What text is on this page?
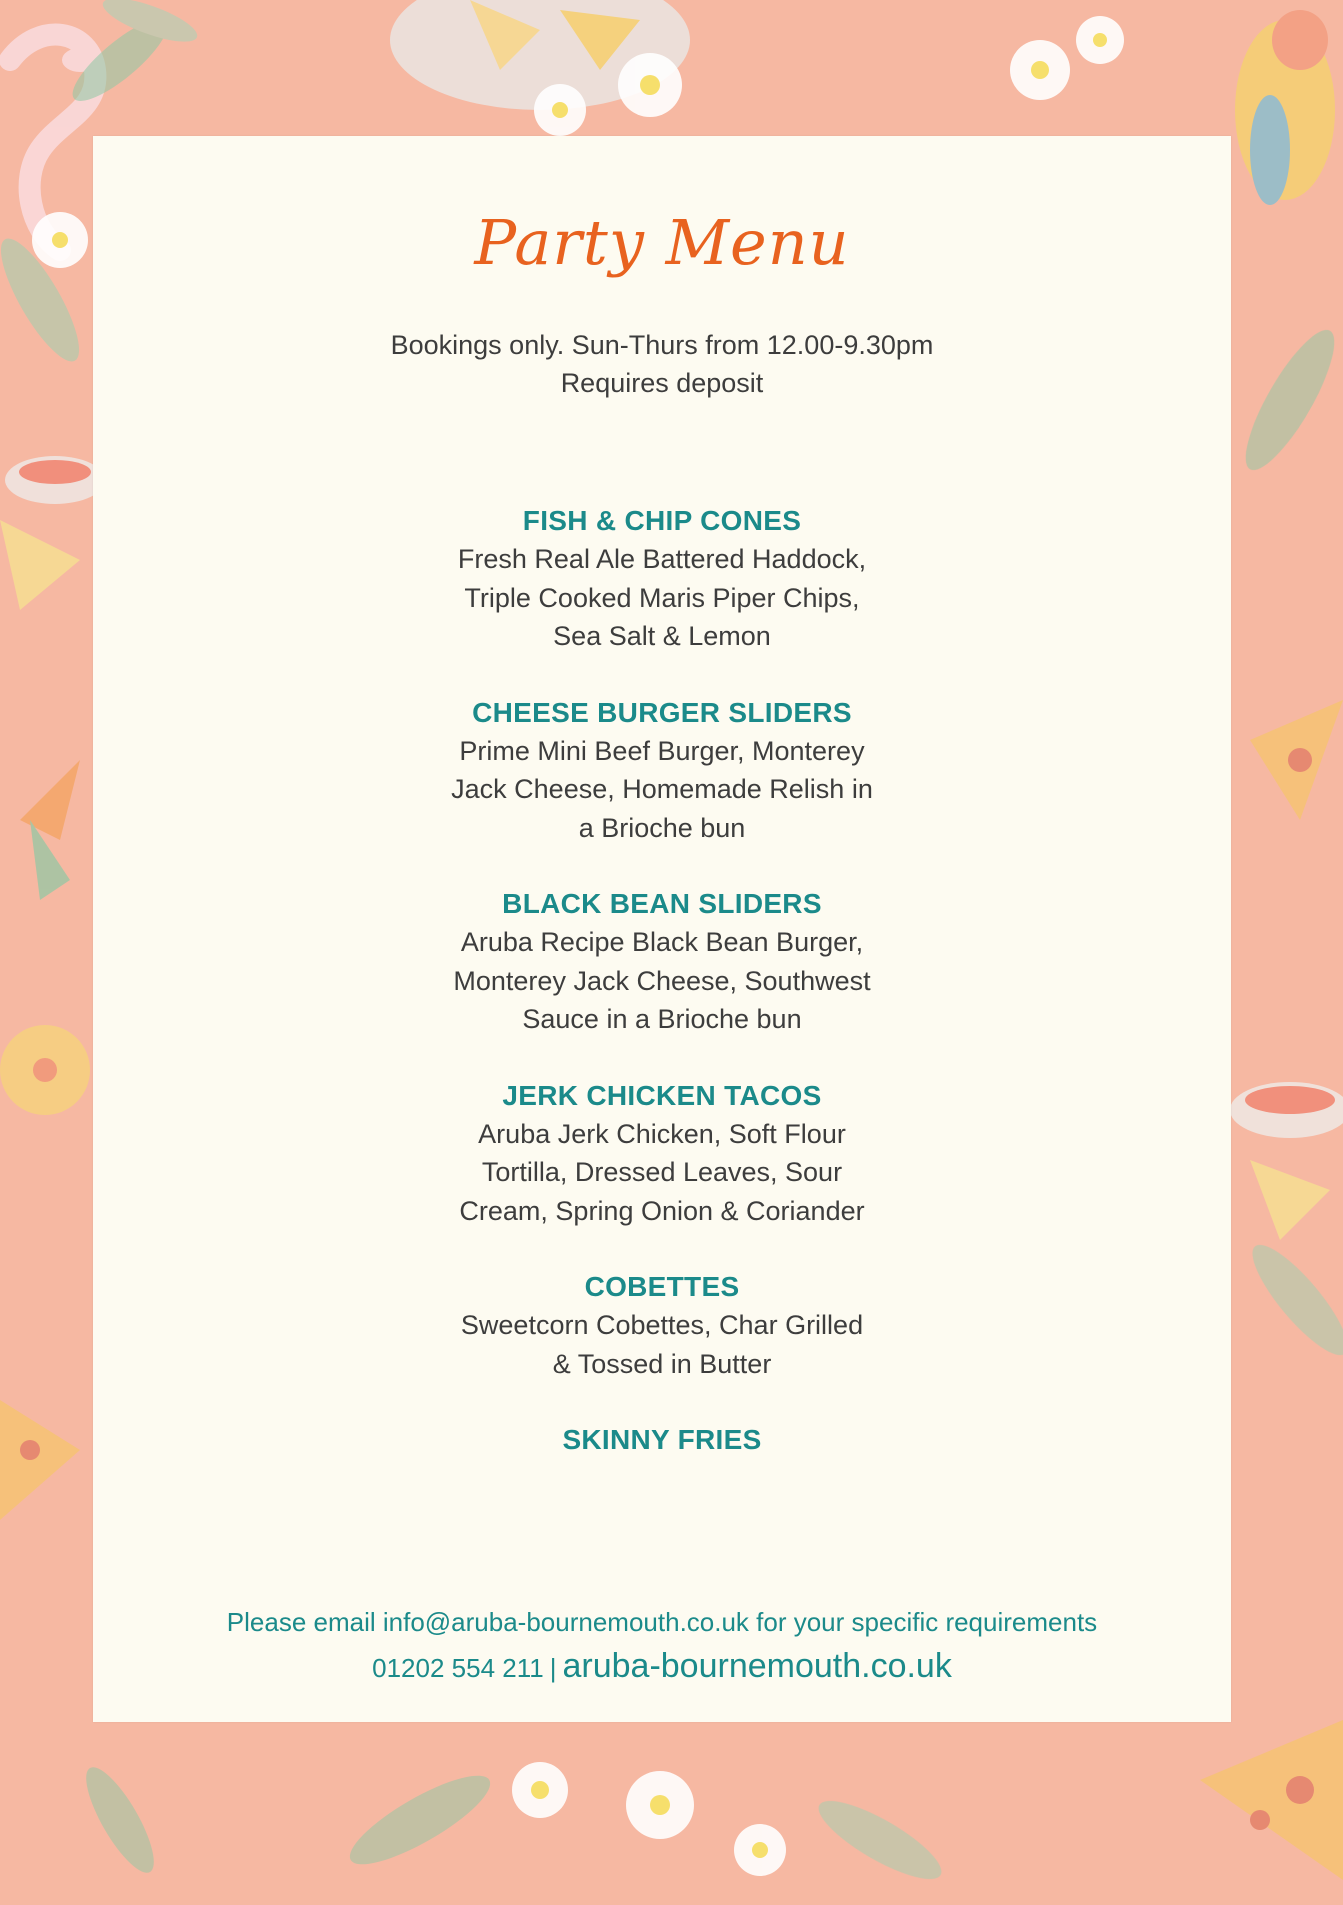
Party Menu
Bookings only. Sun-Thurs from 12.00-9.30pm
Requires deposit
FISH & CHIP CONES
Fresh Real Ale Battered Haddock,
Triple Cooked Maris Piper Chips,
Sea Salt & Lemon
CHEESE BURGER SLIDERS
Prime Mini Beef Burger, Monterey
Jack Cheese, Homemade Relish in
a Brioche bun
BLACK BEAN SLIDERS
Aruba Recipe Black Bean Burger,
Monterey Jack Cheese, Southwest
Sauce in a Brioche bun
JERK CHICKEN TACOS
Aruba Jerk Chicken, Soft Flour
Tortilla, Dressed Leaves, Sour
Cream, Spring Onion & Coriander
COBETTES
Sweetcorn Cobettes, Char Grilled
& Tossed in Butter
SKINNY FRIES
Please email info@aruba-bournemouth.co.uk for your specific requirements
01202 554 211 | aruba-bournemouth.co.uk
